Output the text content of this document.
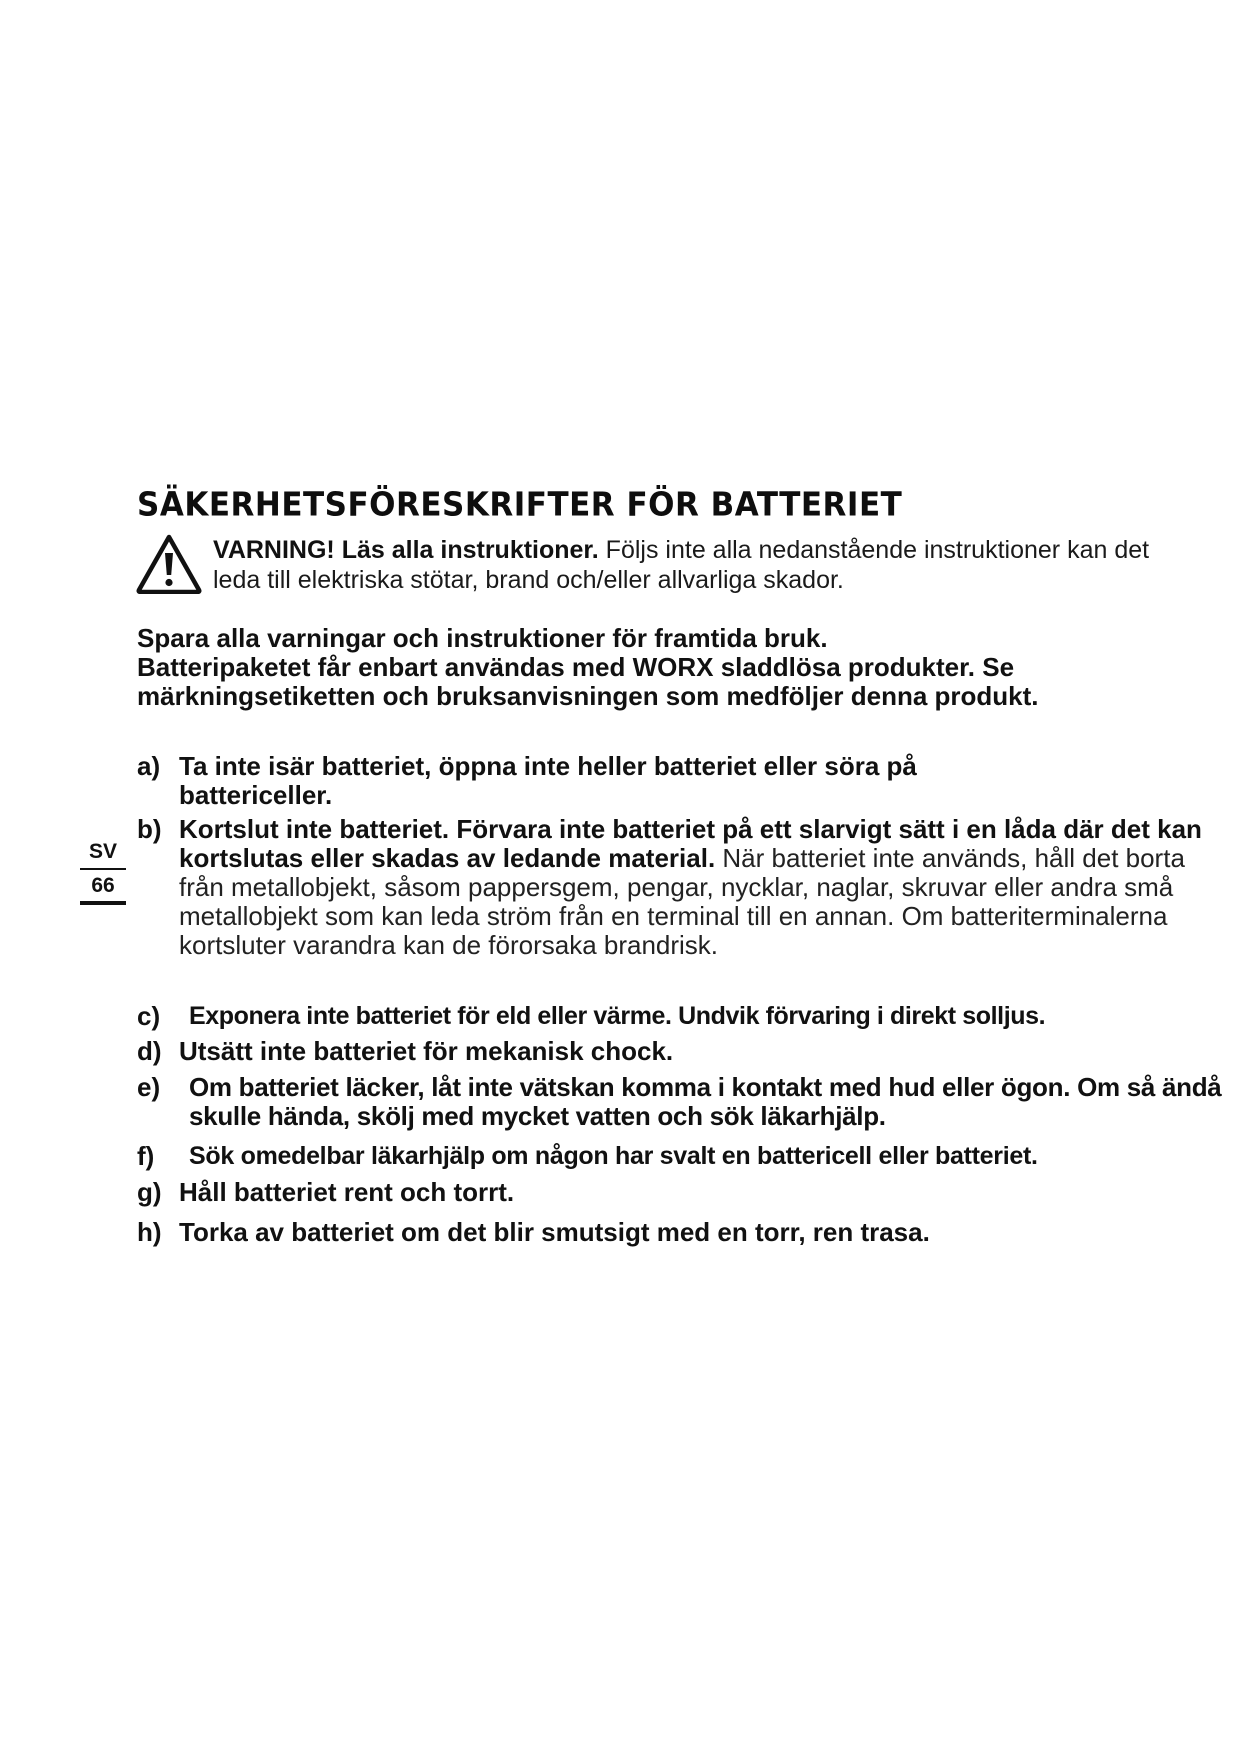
SÄKERHETSFÖRESKRIFTER FÖR BATTERIET
VARNING! Läs alla instruktioner. Följs inte alla nedanstående instruktioner kan det leda till elektriska stötar, brand och/eller allvarliga skador.

Spara alla varningar och instruktioner för framtida bruk.

Batteripaketet får enbart användas med WORX sladdlösa produkter. Se märkningsetiketten och bruksanvisningen som medföljer denna produkt.

a) Ta inte isär batteriet, öppna inte heller batteriet eller söra på battericeller.
b) Kortslut inte batteriet. Förvara inte batteriet på ett slarvigt sätt i en låda där det kan kortslutas eller skadas av ledande material. När batteriet inte används, håll det borta från metallobjekt, såsom pappersgem, pengar, nycklar, naglar, skruvar eller andra små metallobjekt som kan leda ström från en terminal till en annan. Om batteriterminalerna kortsluter varandra kan de förorsaka brandrisk.
c) Exponera inte batteriet för eld eller värme. Undvik förvaring i direkt solljus.
d) Utsätt inte batteriet för mekanisk chock.
e) Om batteriet läcker, låt inte vätskan komma i kontakt med hud eller ögon. Om så ändå skulle hända, skölj med mycket vatten och sök läkarhjälp.
f) Sök omedelbar läkarhjälp om någon har svalt en battericell eller batteriet.
g) Håll batteriet rent och torrt.
h) Torka av batteriet om det blir smutsigt med en torr, ren trasa.
SV
66
